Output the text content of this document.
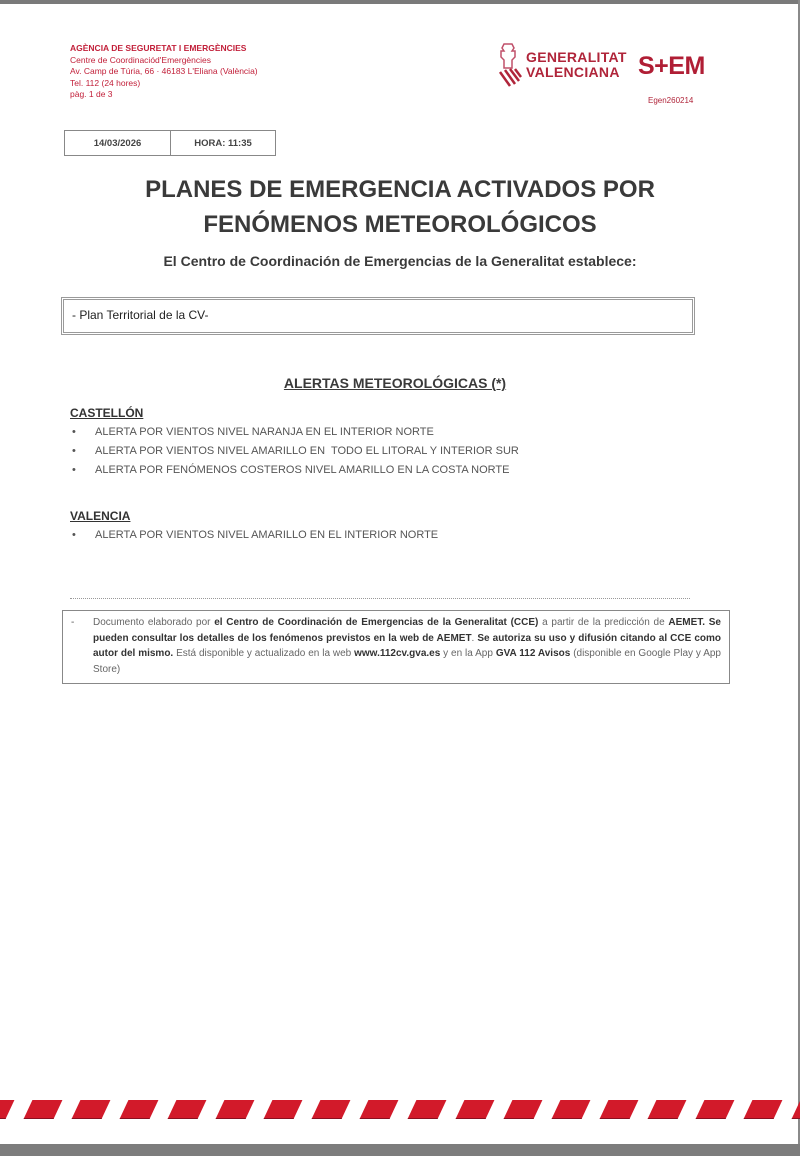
AGÈNCIA DE SEGURETAT I EMERGÈNCIES
Centre de Coordinaciód'Emergències
Av. Camp de Túria, 66 · 46183 L'Eliana (València)
Tel. 112 (24 hores)
pàg. 1 de 3
GENERALITAT
VALENCIANA S+EM
Egen260214
14/03/2026	HORA: 11:35
PLANES DE EMERGENCIA ACTIVADOS POR
FENÓMENOS METEOROLÓGICOS
El Centro de Coordinación de Emergencias de la Generalitat establece:
- Plan Territorial de la CV-
ALERTAS METEOROLÓGICAS (*)
CASTELLÓN
• ALERTA POR VIENTOS NIVEL NARANJA EN EL INTERIOR NORTE
• ALERTA POR VIENTOS NIVEL AMARILLO EN  TODO EL LITORAL Y INTERIOR SUR
• ALERTA POR FENÓMENOS COSTEROS NIVEL AMARILLO EN LA COSTA NORTE
VALENCIA
• ALERTA POR VIENTOS NIVEL AMARILLO EN EL INTERIOR NORTE
- Documento elaborado por el Centro de Coordinación de Emergencias de la Generalitat (CCE) a partir de la predicción de AEMET. Se pueden consultar los detalles de los fenómenos previstos en la web de AEMET. Se autoriza su uso y difusión citando al CCE como autor del mismo. Está disponible y actualizado en la web www.112cv.gva.es y en la App GVA 112 Avisos (disponible en Google Play y App Store)
